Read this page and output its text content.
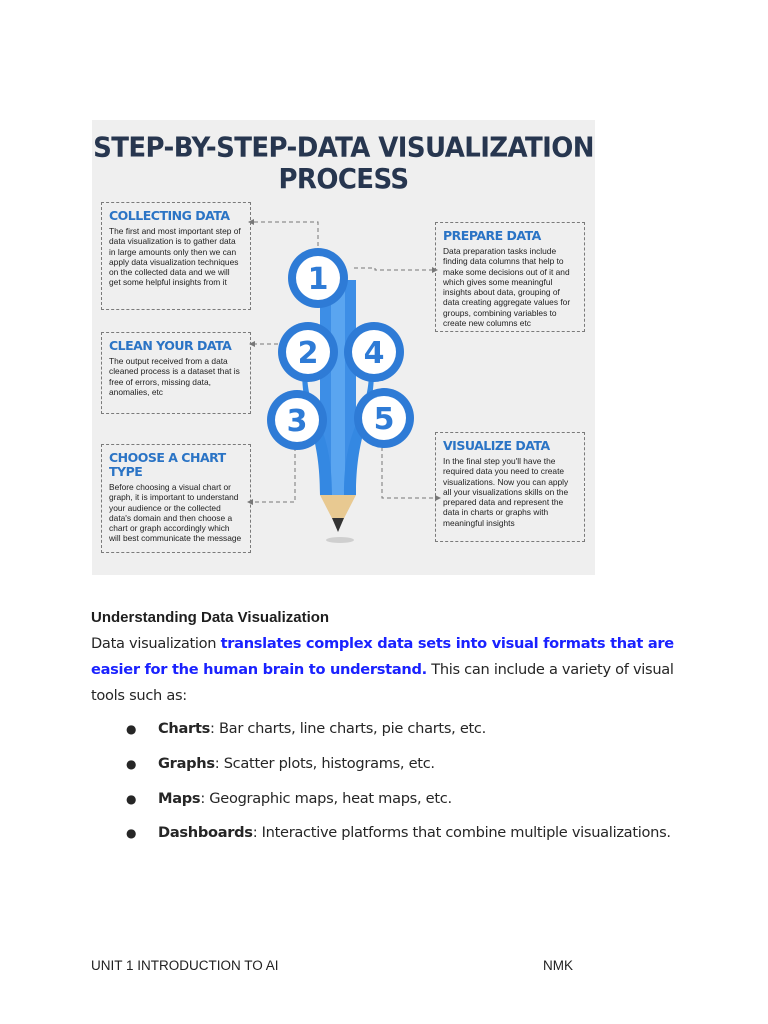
STEP-BY-STEP-DATA VISUALIZATION
PROCESS
1
2 4
3 5

COLLECTING DATA

The first and most important step of data visualization is to gather data in large amounts only then we can apply data visualization techniques on the collected data and we will get some helpful insights from it

CLEAN YOUR DATA

The output received from a data cleaned process is a dataset that is free of errors, missing data, anomalies, etc

CHOOSE A CHART TYPE

Before choosing a visual chart or graph, it is important to understand your audience or the collected data's domain and then choose a chart or graph accordingly which will best communicate the message

PREPARE DATA

Data preparation tasks include finding data columns that help to make some decisions out of it and which gives some meaningful insights about data, grouping of data creating aggregate values for groups, combining variables to create new columns etc

VISUALIZE DATA

In the final step you'll have the required data you need to create visualizations. Now you can apply all your visualizations skills on the prepared data and represent the data in charts or graphs with meaningful insights

Understanding Data Visualization

Data visualization translates complex data sets into visual formats that are easier for the human brain to understand. This can include a variety of visual tools such as:

● Charts: Bar charts, line charts, pie charts, etc.
● Graphs: Scatter plots, histograms, etc.
● Maps: Geographic maps, heat maps, etc.
● Dashboards: Interactive platforms that combine multiple visualizations.
UNIT 1 INTRODUCTION TO AI	NMK
